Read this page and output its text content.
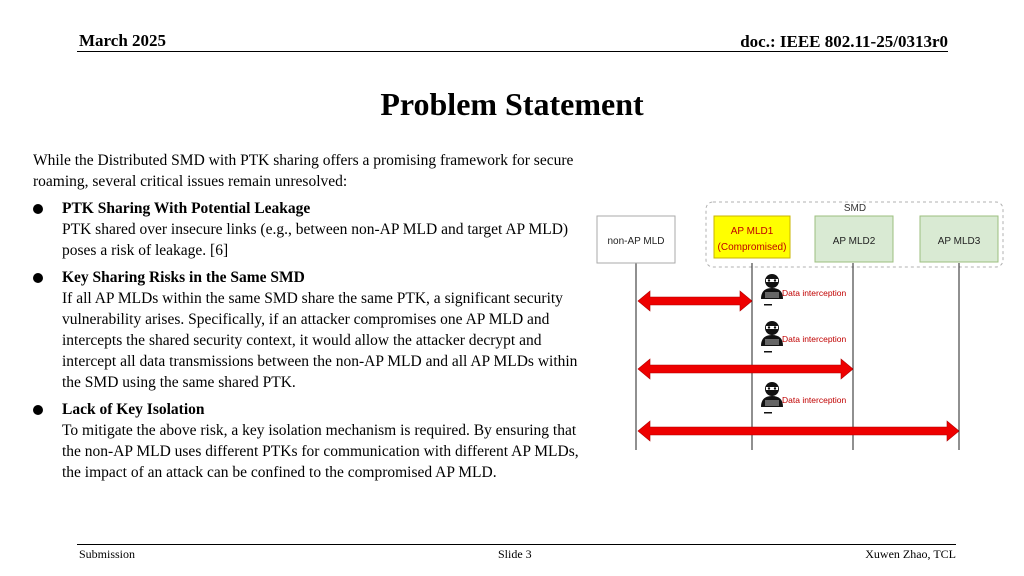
March 2025	doc.: IEEE 802.11-25/0313r0
Problem Statement
While the Distributed SMD with PTK sharing offers a promising framework for secure roaming, several critical issues remain unresolved:
PTK Sharing With Potential Leakage
PTK shared over insecure links (e.g., between non-AP MLD and target AP MLD) poses a risk of leakage. [6]
Key Sharing Risks in the Same SMD
If all AP MLDs within the same SMD share the same PTK, a significant security vulnerability arises. Specifically, if an attacker compromises one AP MLD and intercepts the shared security context, it would allow the attacker decrypt and intercept all data transmissions between the non-AP MLD and all AP MLDs within the SMD using the same shared PTK.
Lack of Key Isolation
To mitigate the above risk, a key isolation mechanism is required. By ensuring that the non-AP MLD uses different PTKs for communication with different AP MLDs, the impact of an attack can be confined to the compromised AP MLD.
SMD
non-AP MLD
AP MLD1
(Compromised)
AP MLD2	AP MLD3
Data interception
Data interception
Data interception
Submission	Slide 3	Xuwen Zhao, TCL
